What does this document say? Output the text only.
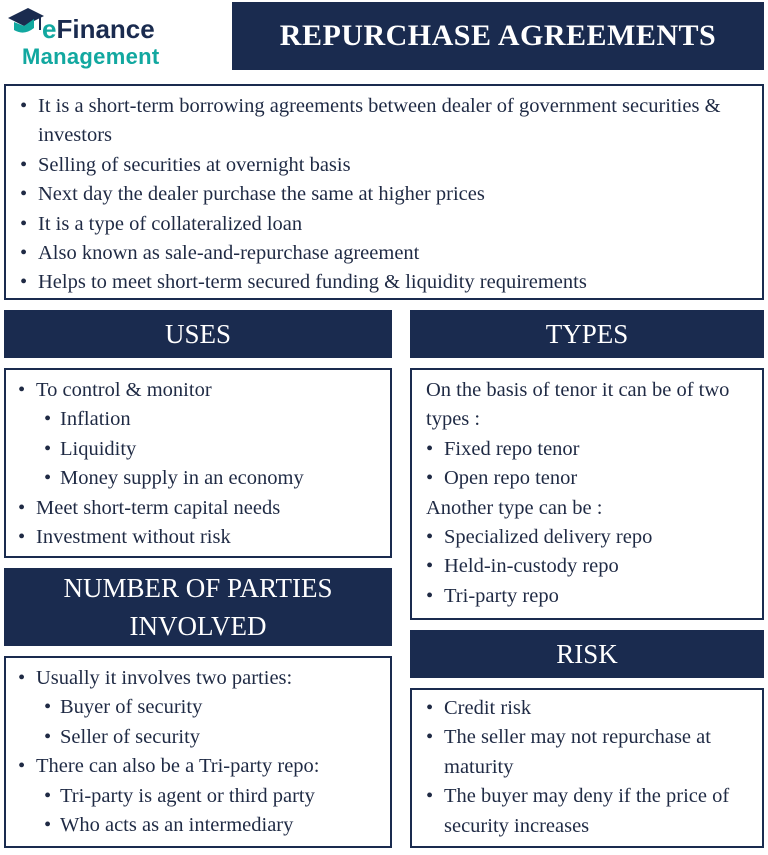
eFinance
Management
REPURCHASE AGREEMENTS
• It is a short-term borrowing agreements between dealer of government securities & investors
• Selling of securities at overnight basis
• Next day the dealer purchase the same at higher prices
• It is a type of collateralized loan
• Also known as sale-and-repurchase agreement
• Helps to meet short-term secured funding & liquidity requirements
USES
• To control & monitor
• Inflation
• Liquidity
• Money supply in an economy
• Meet short-term capital needs
• Investment without risk
TYPES
On the basis of tenor it can be of two types :
• Fixed repo tenor
• Open repo tenor
Another type can be :
• Specialized delivery repo
• Held-in-custody repo
• Tri-party repo
NUMBER OF PARTIES INVOLVED
• Usually it involves two parties:
• Buyer of security
• Seller of security
• There can also be a Tri-party repo:
• Tri-party is agent or third party
• Who acts as an intermediary
RISK
• Credit risk
• The seller may not repurchase at maturity
• The buyer may deny if the price of security increases
